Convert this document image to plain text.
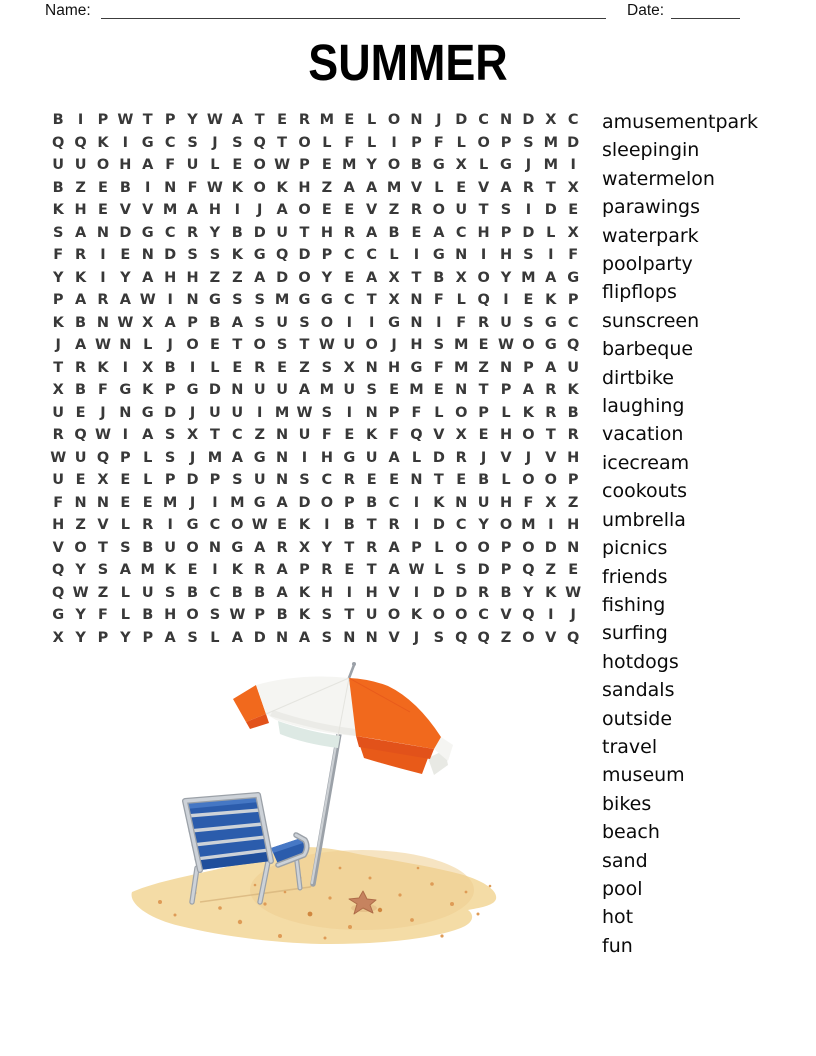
Name:	Date:
SUMMER
B I P W T P Y W A T E R M E L O N J D C N D X C
Q Q K I G C S J S Q T O L F L	I P F L O P S M D
U U O H A F U L E O W P E M Y O B G X L G J M I
B Z E B I N F W K O K H Z A A M V L E V A R T X
K H E V V M A H I	J A O E E V Z R O U T S I D E
S A N D G C R Y B D U T H R A B E A C H P D L X
F R I	E N D S S K G Q D P C C L	I G N I H S I	F
Y K I Y A H H Z Z A D O Y E A X T B X O Y M A G
P A R A W I N G S S M G G C T X N F L Q I	E K P
K B N W X A P B A S U S O I	I G N I	F R U S G C
J A W N L	J O E T O S T W U O J H S M E W O G Q
T R K I X B I	L E R E Z S X N H G F M Z N P A U
X B F G K P G D N U U A M U S E M E N T P A R K
U E	J N G D J U U I M W S I N P F L O P L K R B
R Q W I A S X T C Z N U F E K F Q V X E H O T R
W U Q P L S J M A G N I H G U A L D R J V J V H
U E X E L P D P S U N S C R E E N T E B L O O P
F N N E E M J	I M G A D O P B C I K N U H F X Z
H Z V L R I G C O W E K I B T R I D C Y O M I H
V O T S B U O N G A R X Y T R A P L O O P O D N
Q Y S A M K E	I K R A P R E T A W L S D P Q Z E
Q W Z L U S B C B B A K H I H V I D D R B Y K W
G Y F L B H O S W P B K S T U O K O O C V Q I	J
X Y P Y P A S L A D N A S N N V J S Q Q Z O V Q
amusementpark
sleepingin
watermelon
parawings
waterpark
poolparty
flipflops
sunscreen
barbeque
dirtbike
laughing
vacation
icecream
cookouts
umbrella
picnics
friends
fishing
surfing
hotdogs
sandals
outside
travel
museum
bikes
beach
sand
pool
hot
fun
